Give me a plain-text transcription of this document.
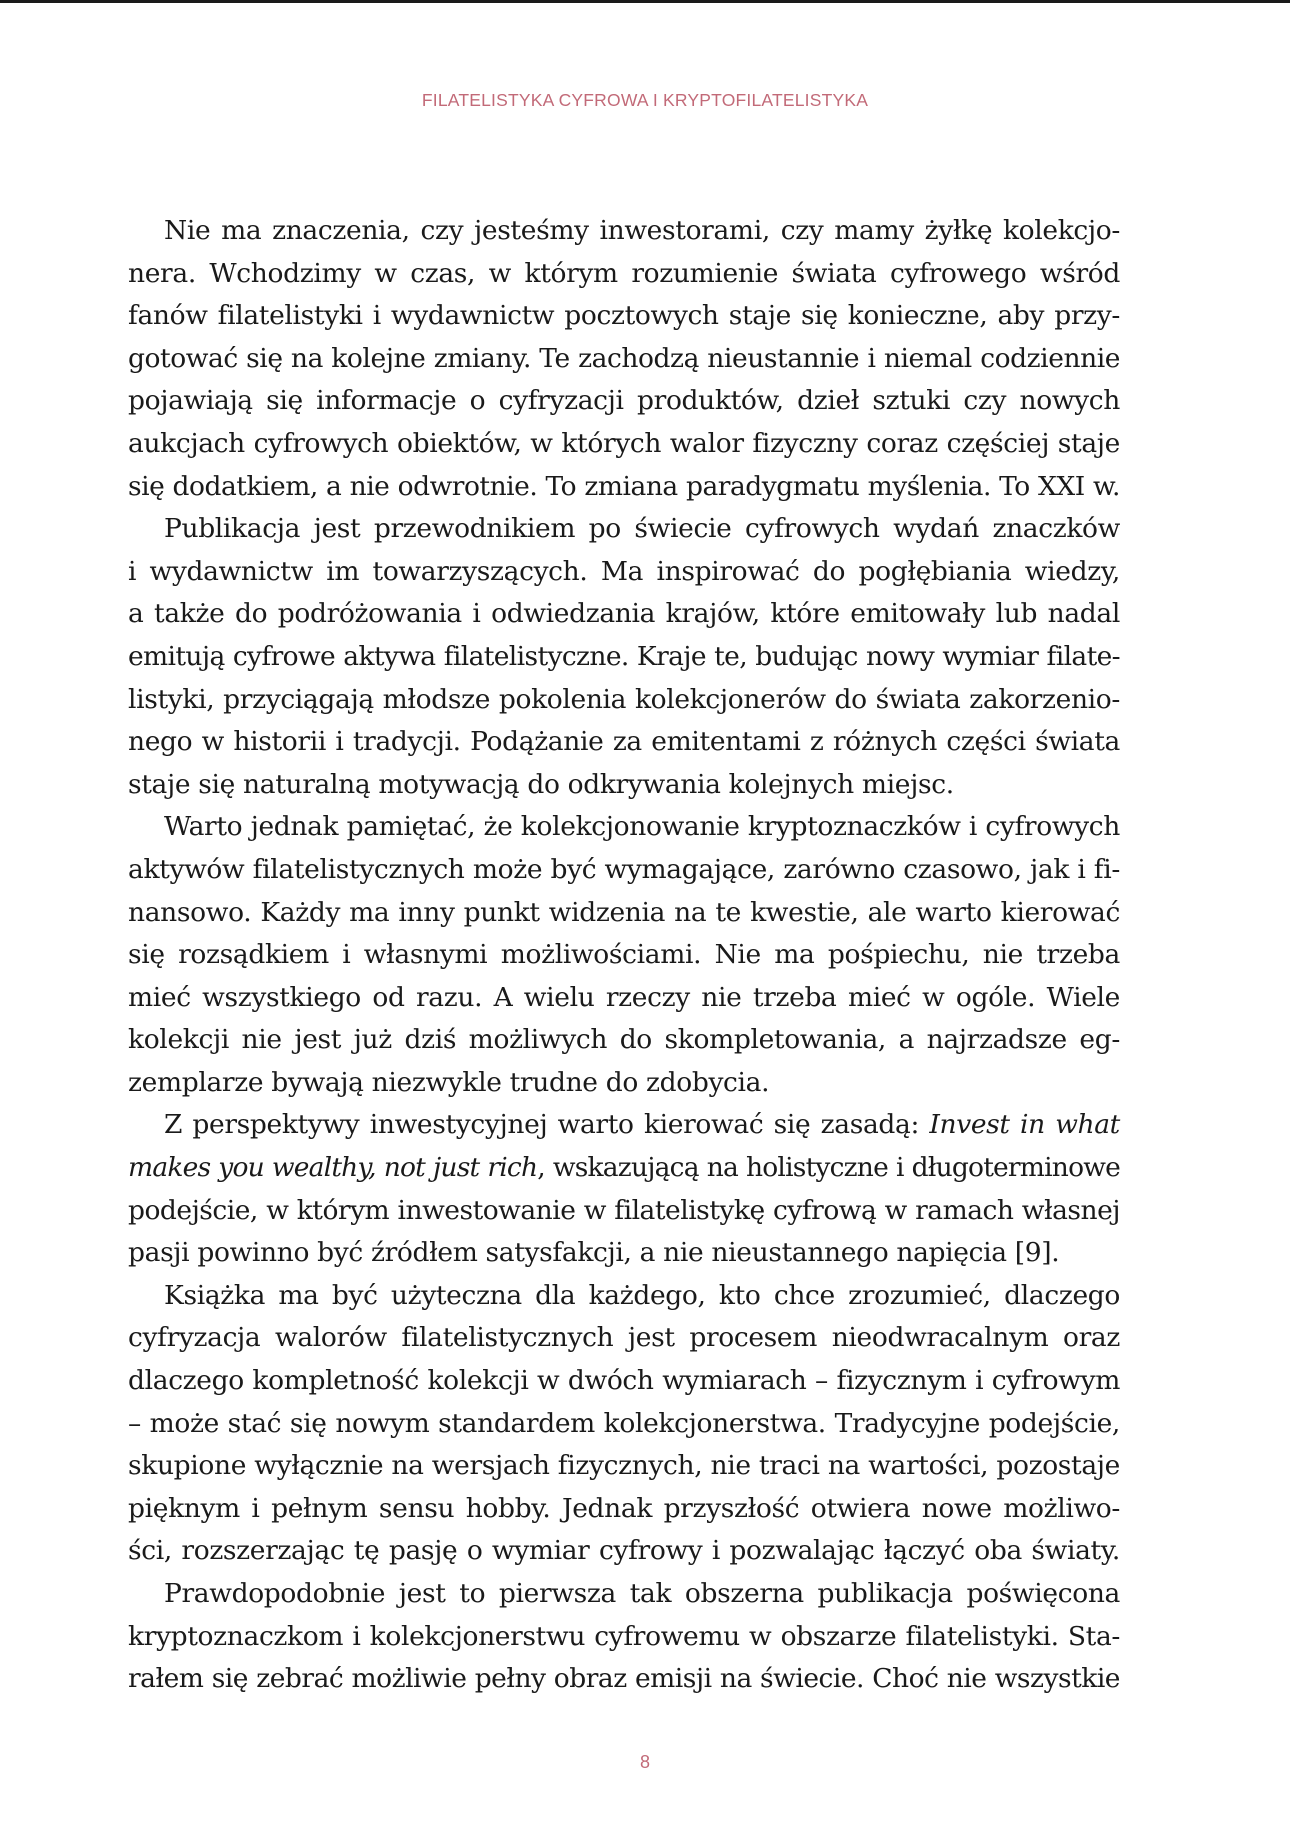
FILATELISTYKA CYFROWA I KRYPTOFILATELISTYKA

Nie ma znaczenia, czy jesteśmy inwestorami, czy mamy żyłkę kolekcjo-
nera. Wchodzimy w czas, w którym rozumienie świata cyfrowego wśród
fanów filatelistyki i wydawnictw pocztowych staje się konieczne, aby przy-
gotować się na kolejne zmiany. Te zachodzą nieustannie i niemal codziennie
pojawiają się informacje o cyfryzacji produktów, dzieł sztuki czy nowych
aukcjach cyfrowych obiektów, w których walor fizyczny coraz częściej staje
się dodatkiem, a nie odwrotnie. To zmiana paradygmatu myślenia. To XXI w.

Publikacja jest przewodnikiem po świecie cyfrowych wydań znaczków
i wydawnictw im towarzyszących. Ma inspirować do pogłębiania wiedzy,
a także do podróżowania i odwiedzania krajów, które emitowały lub nadal
emitują cyfrowe aktywa filatelistyczne. Kraje te, budując nowy wymiar filate-
listyki, przyciągają młodsze pokolenia kolekcjonerów do świata zakorzenio-
nego w historii i tradycji. Podążanie za emitentami z różnych części świata
staje się naturalną motywacją do odkrywania kolejnych miejsc.

Warto jednak pamiętać, że kolekcjonowanie kryptoznaczków i cyfrowych
aktywów filatelistycznych może być wymagające, zarówno czasowo, jak i fi-
nansowo. Każdy ma inny punkt widzenia na te kwestie, ale warto kierować
się rozsądkiem i własnymi możliwościami. Nie ma pośpiechu, nie trzeba
mieć wszystkiego od razu. A wielu rzeczy nie trzeba mieć w ogóle. Wiele
kolekcji nie jest już dziś możliwych do skompletowania, a najrzadsze eg-
zemplarze bywają niezwykle trudne do zdobycia.

Z perspektywy inwestycyjnej warto kierować się zasadą: Invest in what
makes you wealthy, not just rich, wskazującą na holistyczne i długoterminowe
podejście, w którym inwestowanie w filatelistykę cyfrową w ramach własnej
pasji powinno być źródłem satysfakcji, a nie nieustannego napięcia [9].

Książka ma być użyteczna dla każdego, kto chce zrozumieć, dlaczego
cyfryzacja walorów filatelistycznych jest procesem nieodwracalnym oraz
dlaczego kompletność kolekcji w dwóch wymiarach – fizycznym i cyfrowym
– może stać się nowym standardem kolekcjonerstwa. Tradycyjne podejście,
skupione wyłącznie na wersjach fizycznych, nie traci na wartości, pozostaje
pięknym i pełnym sensu hobby. Jednak przyszłość otwiera nowe możliwo-
ści, rozszerzając tę pasję o wymiar cyfrowy i pozwalając łączyć oba światy.

Prawdopodobnie jest to pierwsza tak obszerna publikacja poświęcona
kryptoznaczkom i kolekcjonerstwu cyfrowemu w obszarze filatelistyki. Sta-
rałem się zebrać możliwie pełny obraz emisji na świecie. Choć nie wszystkie

8
